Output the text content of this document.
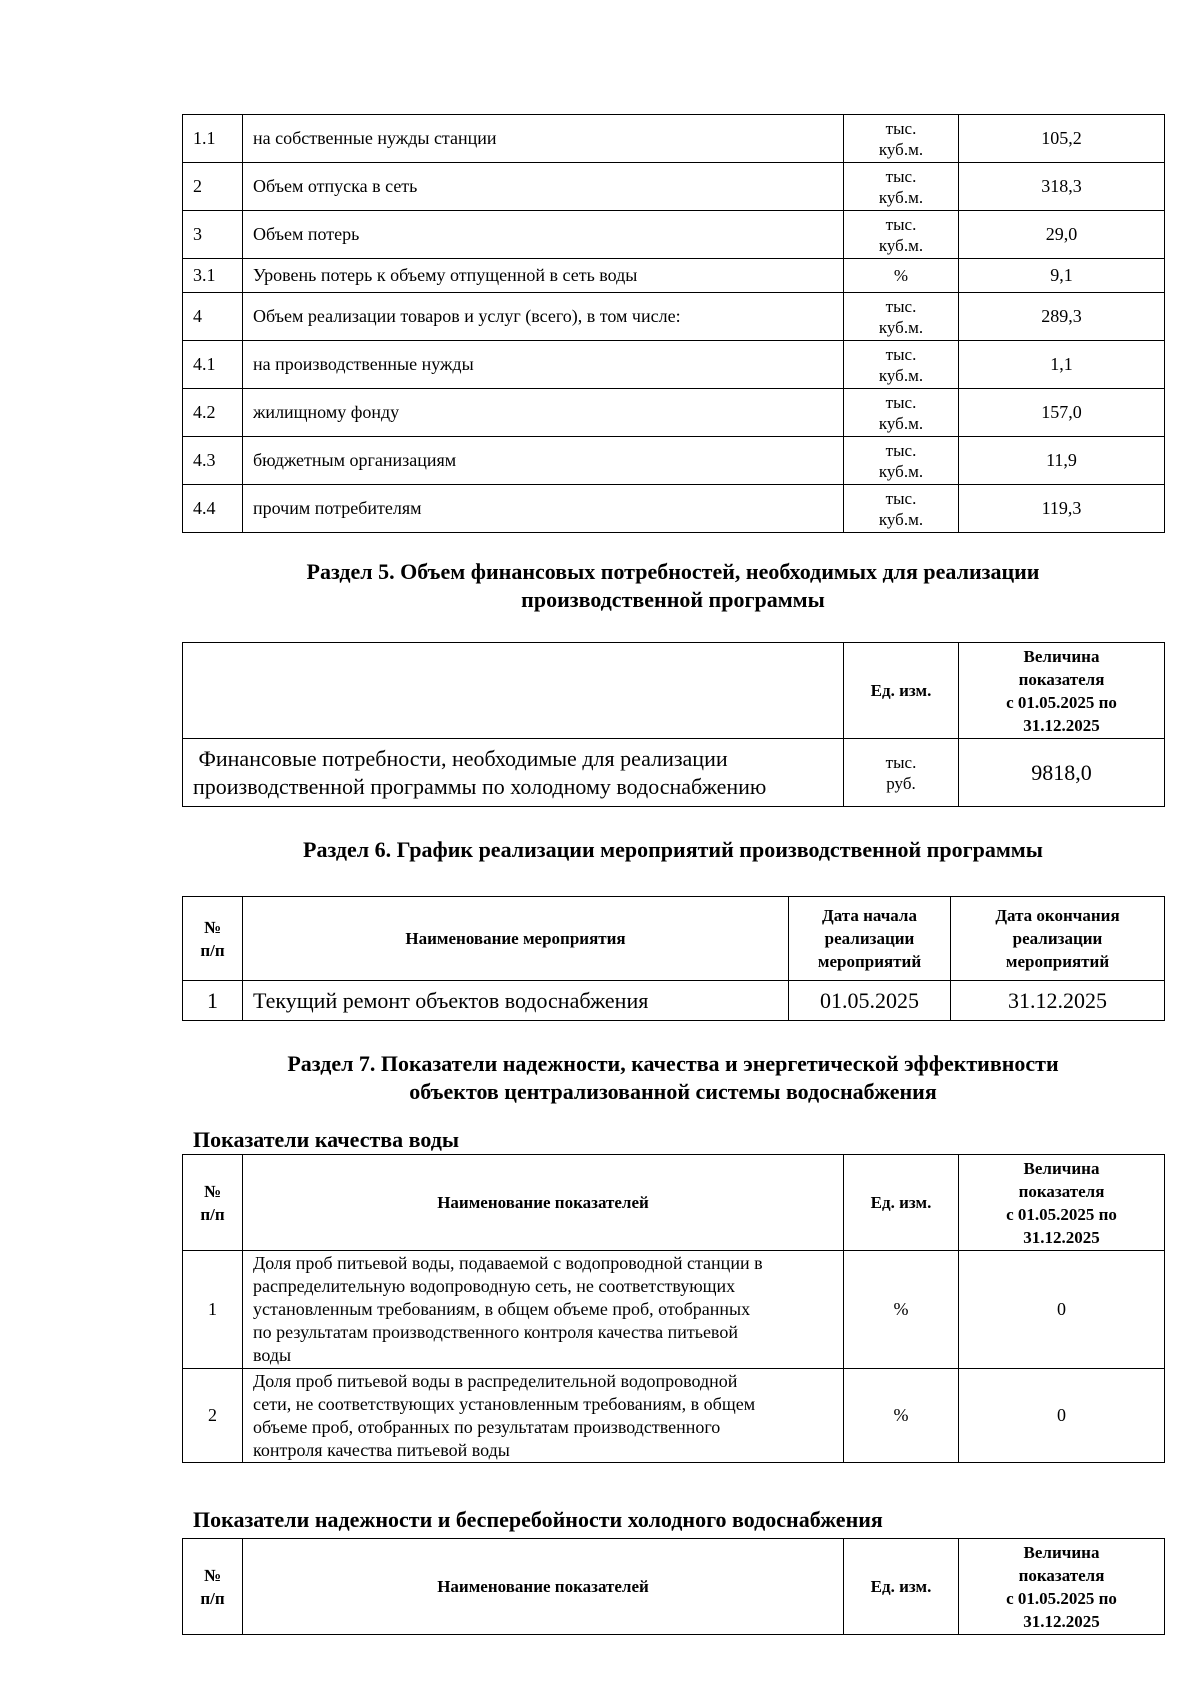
1.1	на собственные нужды станции	тыс.
куб.м.	105,2
2	Объем отпуска в сеть	тыс.
куб.м.	318,3
3	Объем потерь	тыс.
куб.м.	29,0
3.1	Уровень потерь к объему отпущенной в сеть воды	%	9,1
4	Объем реализации товаров и услуг (всего), в том числе:	тыс.
куб.м.	289,3
4.1	на производственные нужды	тыс.
куб.м.	1,1
4.2	жилищному фонду	тыс.
куб.м.	157,0
4.3	бюджетным организациям	тыс.
куб.м.	11,9
4.4	прочим потребителям	тыс.
куб.м.	119,3

Раздел 5. Объем финансовых потребностей, необходимых для реализации
производственной программы

	Ед. изм.	Величина
показателя
с 01.05.2025 по
31.12.2025
Финансовые потребности, необходимые для реализации
производственной программы по холодному водоснабжению	тыс.
руб.	9818,0

Раздел 6. График реализации мероприятий производственной программы

№
п/п	Наименование мероприятия	Дата начала
реализации
мероприятий	Дата окончания
реализации
мероприятий
1	Текущий ремонт объектов водоснабжения	01.05.2025	31.12.2025

Раздел 7. Показатели надежности, качества и энергетической эффективности
объектов централизованной системы водоснабжения

Показатели качества воды

№
п/п	Наименование показателей	Ед. изм.	Величина
показателя
с 01.05.2025 по
31.12.2025
1	Доля проб питьевой воды, подаваемой с водопроводной станции в
распределительную водопроводную сеть, не соответствующих
установленным требованиям, в общем объеме проб, отобранных
по результатам производственного контроля качества питьевой
воды	%	0
2	Доля проб питьевой воды в распределительной водопроводной
сети, не соответствующих установленным требованиям, в общем
объеме проб, отобранных по результатам производственного
контроля качества питьевой воды	%	0

Показатели надежности и бесперебойности холодного водоснабжения

№
п/п	Наименование показателей	Ед. изм.	Величина
показателя
с 01.05.2025 по
31.12.2025
